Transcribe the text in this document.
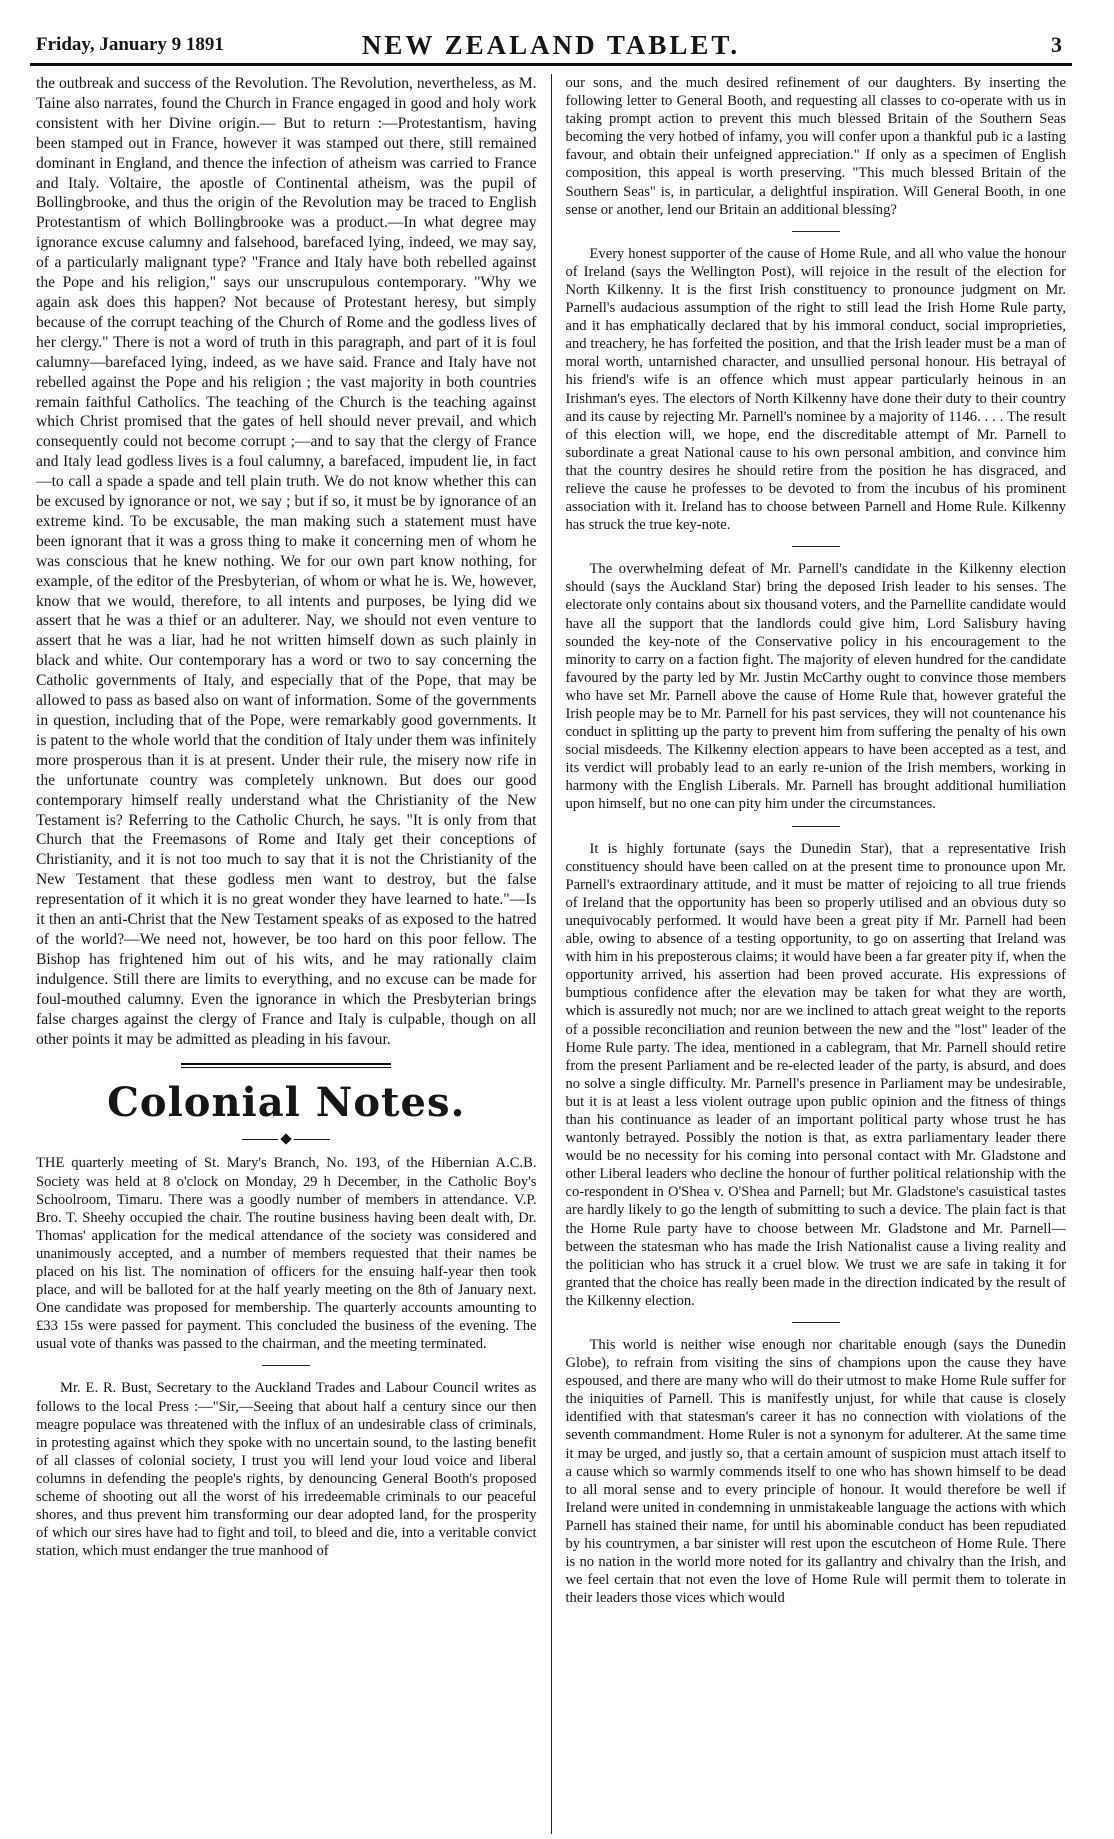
Friday, January 9 1891	NEW ZEALAND TABLET.	3

the outbreak and success of the Revolution. The Revolution, nevertheless, as M. Taine also narrates, found the Church in France engaged in good and holy work consistent with her Divine origin.— But to return :—Protestantism, having been stamped out in France, however it was stamped out there, still remained dominant in England, and thence the infection of atheism was carried to France and Italy. Voltaire, the apostle of Continental atheism, was the pupil of Bollingbrooke, and thus the origin of the Revolution may be traced to English Protestantism of which Bollingbrooke was a product.—In what degree may ignorance excuse calumny and falsehood, barefaced lying, indeed, we may say, of a particularly malignant type? "France and Italy have both rebelled against the Pope and his religion," says our unscrupulous contemporary. "Why we again ask does this happen? Not because of Protestant heresy, but simply because of the corrupt teaching of the Church of Rome and the godless lives of her clergy." There is not a word of truth in this paragraph, and part of it is foul calumny—barefaced lying, indeed, as we have said. France and Italy have not rebelled against the Pope and his religion ; the vast majority in both countries remain faithful Catholics. The teaching of the Church is the teaching against which Christ promised that the gates of hell should never prevail, and which consequently could not become corrupt ;—and to say that the clergy of France and Italy lead godless lives is a foul calumny, a barefaced, impudent lie, in fact—to call a spade a spade and tell plain truth. We do not know whether this can be excused by ignorance or not, we say ; but if so, it must be by ignorance of an extreme kind. To be excusable, the man making such a statement must have been ignorant that it was a gross thing to make it concerning men of whom he was conscious that he knew nothing. We for our own part know nothing, for example, of the editor of the Presbyterian, of whom or what he is. We, however, know that we would, therefore, to all intents and purposes, be lying did we assert that he was a thief or an adulterer. Nay, we should not even venture to assert that he was a liar, had he not written himself down as such plainly in black and white. Our contemporary has a word or two to say concerning the Catholic governments of Italy, and especially that of the Pope, that may be allowed to pass as based also on want of information. Some of the governments in question, including that of the Pope, were remarkably good governments. It is patent to the whole world that the condition of Italy under them was infinitely more prosperous than it is at present. Under their rule, the misery now rife in the unfortunate country was completely unknown. But does our good contemporary himself really understand what the Christianity of the New Testament is? Referring to the Catholic Church, he says. "It is only from that Church that the Freemasons of Rome and Italy get their conceptions of Christianity, and it is not too much to say that it is not the Christianity of the New Testament that these godless men want to destroy, but the false representation of it which it is no great wonder they have learned to hate."—Is it then an anti-Christ that the New Testament speaks of as exposed to the hatred of the world?—We need not, however, be too hard on this poor fellow. The Bishop has frightened him out of his wits, and he may rationally claim indulgence. Still there are limits to everything, and no excuse can be made for foul-mouthed calumny. Even the ignorance in which the Presbyterian brings false charges against the clergy of France and Italy is culpable, though on all other points it may be admitted as pleading in his favour.

Colonial Notes.

THE quarterly meeting of St. Mary's Branch, No. 193, of the Hibernian A.C.B. Society was held at 8 o'clock on Monday, 29 h December, in the Catholic Boy's Schoolroom, Timaru. There was a goodly number of members in attendance. V.P. Bro. T. Sheehy occupied the chair. The routine business having been dealt with, Dr. Thomas' application for the medical attendance of the society was considered and unanimously accepted, and a number of members requested that their names be placed on his list. The nomination of officers for the ensuing half-year then took place, and will be balloted for at the half yearly meeting on the 8th of January next. One candidate was proposed for membership. The quarterly accounts amounting to £33 15s were passed for payment. This concluded the business of the evening. The usual vote of thanks was passed to the chairman, and the meeting terminated.

Mr. E. R. Bust, Secretary to the Auckland Trades and Labour Council writes as follows to the local Press :—"Sir,—Seeing that about half a century since our then meagre populace was threatened with the influx of an undesirable class of criminals, in protesting against which they spoke with no uncertain sound, to the lasting benefit of all classes of colonial society, I trust you will lend your loud voice and liberal columns in defending the people's rights, by denouncing General Booth's proposed scheme of shooting out all the worst of his irredeemable criminals to our peaceful shores, and thus prevent him transforming our dear adopted land, for the prosperity of which our sires have had to fight and toil, to bleed and die, into a veritable convict station, which must endanger the true manhood of

our sons, and the much desired refinement of our daughters. By inserting the following letter to General Booth, and requesting all classes to co-operate with us in taking prompt action to prevent this much blessed Britain of the Southern Seas becoming the very hotbed of infamy, you will confer upon a thankful pub ic a lasting favour, and obtain their unfeigned appreciation." If only as a specimen of English composition, this appeal is worth preserving. "This much blessed Britain of the Southern Seas" is, in particular, a delightful inspiration. Will General Booth, in one sense or another, lend our Britain an additional blessing?

Every honest supporter of the cause of Home Rule, and all who value the honour of Ireland (says the Wellington Post), will rejoice in the result of the election for North Kilkenny. It is the first Irish constituency to pronounce judgment on Mr. Parnell's audacious assumption of the right to still lead the Irish Home Rule party, and it has emphatically declared that by his immoral conduct, social improprieties, and treachery, he has forfeited the position, and that the Irish leader must be a man of moral worth, untarnished character, and unsullied personal honour. His betrayal of his friend's wife is an offence which must appear particularly heinous in an Irishman's eyes. The electors of North Kilkenny have done their duty to their country and its cause by rejecting Mr. Parnell's nominee by a majority of 1146. . . . The result of this election will, we hope, end the discreditable attempt of Mr. Parnell to subordinate a great National cause to his own personal ambition, and convince him that the country desires he should retire from the position he has disgraced, and relieve the cause he professes to be devoted to from the incubus of his prominent association with it. Ireland has to choose between Parnell and Home Rule. Kilkenny has struck the true key-note.

The overwhelming defeat of Mr. Parnell's candidate in the Kilkenny election should (says the Auckland Star) bring the deposed Irish leader to his senses. The electorate only contains about six thousand voters, and the Parnellite candidate would have all the support that the landlords could give him, Lord Salisbury having sounded the key-note of the Conservative policy in his encouragement to the minority to carry on a faction fight. The majority of eleven hundred for the candidate favoured by the party led by Mr. Justin McCarthy ought to convince those members who have set Mr. Parnell above the cause of Home Rule that, however grateful the Irish people may be to Mr. Parnell for his past services, they will not countenance his conduct in splitting up the party to prevent him from suffering the penalty of his own social misdeeds. The Kilkenny election appears to have been accepted as a test, and its verdict will probably lead to an early re-union of the Irish members, working in harmony with the English Liberals. Mr. Parnell has brought additional humiliation upon himself, but no one can pity him under the circumstances.

It is highly fortunate (says the Dunedin Star), that a representative Irish constituency should have been called on at the present time to pronounce upon Mr. Parnell's extraordinary attitude, and it must be matter of rejoicing to all true friends of Ireland that the opportunity has been so properly utilised and an obvious duty so unequivocably performed. It would have been a great pity if Mr. Parnell had been able, owing to absence of a testing opportunity, to go on asserting that Ireland was with him in his preposterous claims; it would have been a far greater pity if, when the opportunity arrived, his assertion had been proved accurate. His expressions of bumptious confidence after the elevation may be taken for what they are worth, which is assuredly not much; nor are we inclined to attach great weight to the reports of a possible reconciliation and reunion between the new and the "lost" leader of the Home Rule party. The idea, mentioned in a cablegram, that Mr. Parnell should retire from the present Parliament and be re-elected leader of the party, is absurd, and does no solve a single difficulty. Mr. Parnell's presence in Parliament may be undesirable, but it is at least a less violent outrage upon public opinion and the fitness of things than his continuance as leader of an important political party whose trust he has wantonly betrayed. Possibly the notion is that, as extra parliamentary leader there would be no necessity for his coming into personal contact with Mr. Gladstone and other Liberal leaders who decline the honour of further political relationship with the co-respondent in O'Shea v. O'Shea and Parnell; but Mr. Gladstone's casuistical tastes are hardly likely to go the length of submitting to such a device. The plain fact is that the Home Rule party have to choose between Mr. Gladstone and Mr. Parnell—between the statesman who has made the Irish Nationalist cause a living reality and the politician who has struck it a cruel blow. We trust we are safe in taking it for granted that the choice has really been made in the direction indicated by the result of the Kilkenny election.

This world is neither wise enough nor charitable enough (says the Dunedin Globe), to refrain from visiting the sins of champions upon the cause they have espoused, and there are many who will do their utmost to make Home Rule suffer for the iniquities of Parnell. This is manifestly unjust, for while that cause is closely identified with that statesman's career it has no connection with violations of the seventh commandment. Home Ruler is not a synonym for adulterer. At the same time it may be urged, and justly so, that a certain amount of suspicion must attach itself to a cause which so warmly commends itself to one who has shown himself to be dead to all moral sense and to every principle of honour. It would therefore be well if Ireland were united in condemning in unmistakeable language the actions with which Parnell has stained their name, for until his abominable conduct has been repudiated by his countrymen, a bar sinister will rest upon the escutcheon of Home Rule. There is no nation in the world more noted for its gallantry and chivalry than the Irish, and we feel certain that not even the love of Home Rule will permit them to tolerate in their leaders those vices which would
